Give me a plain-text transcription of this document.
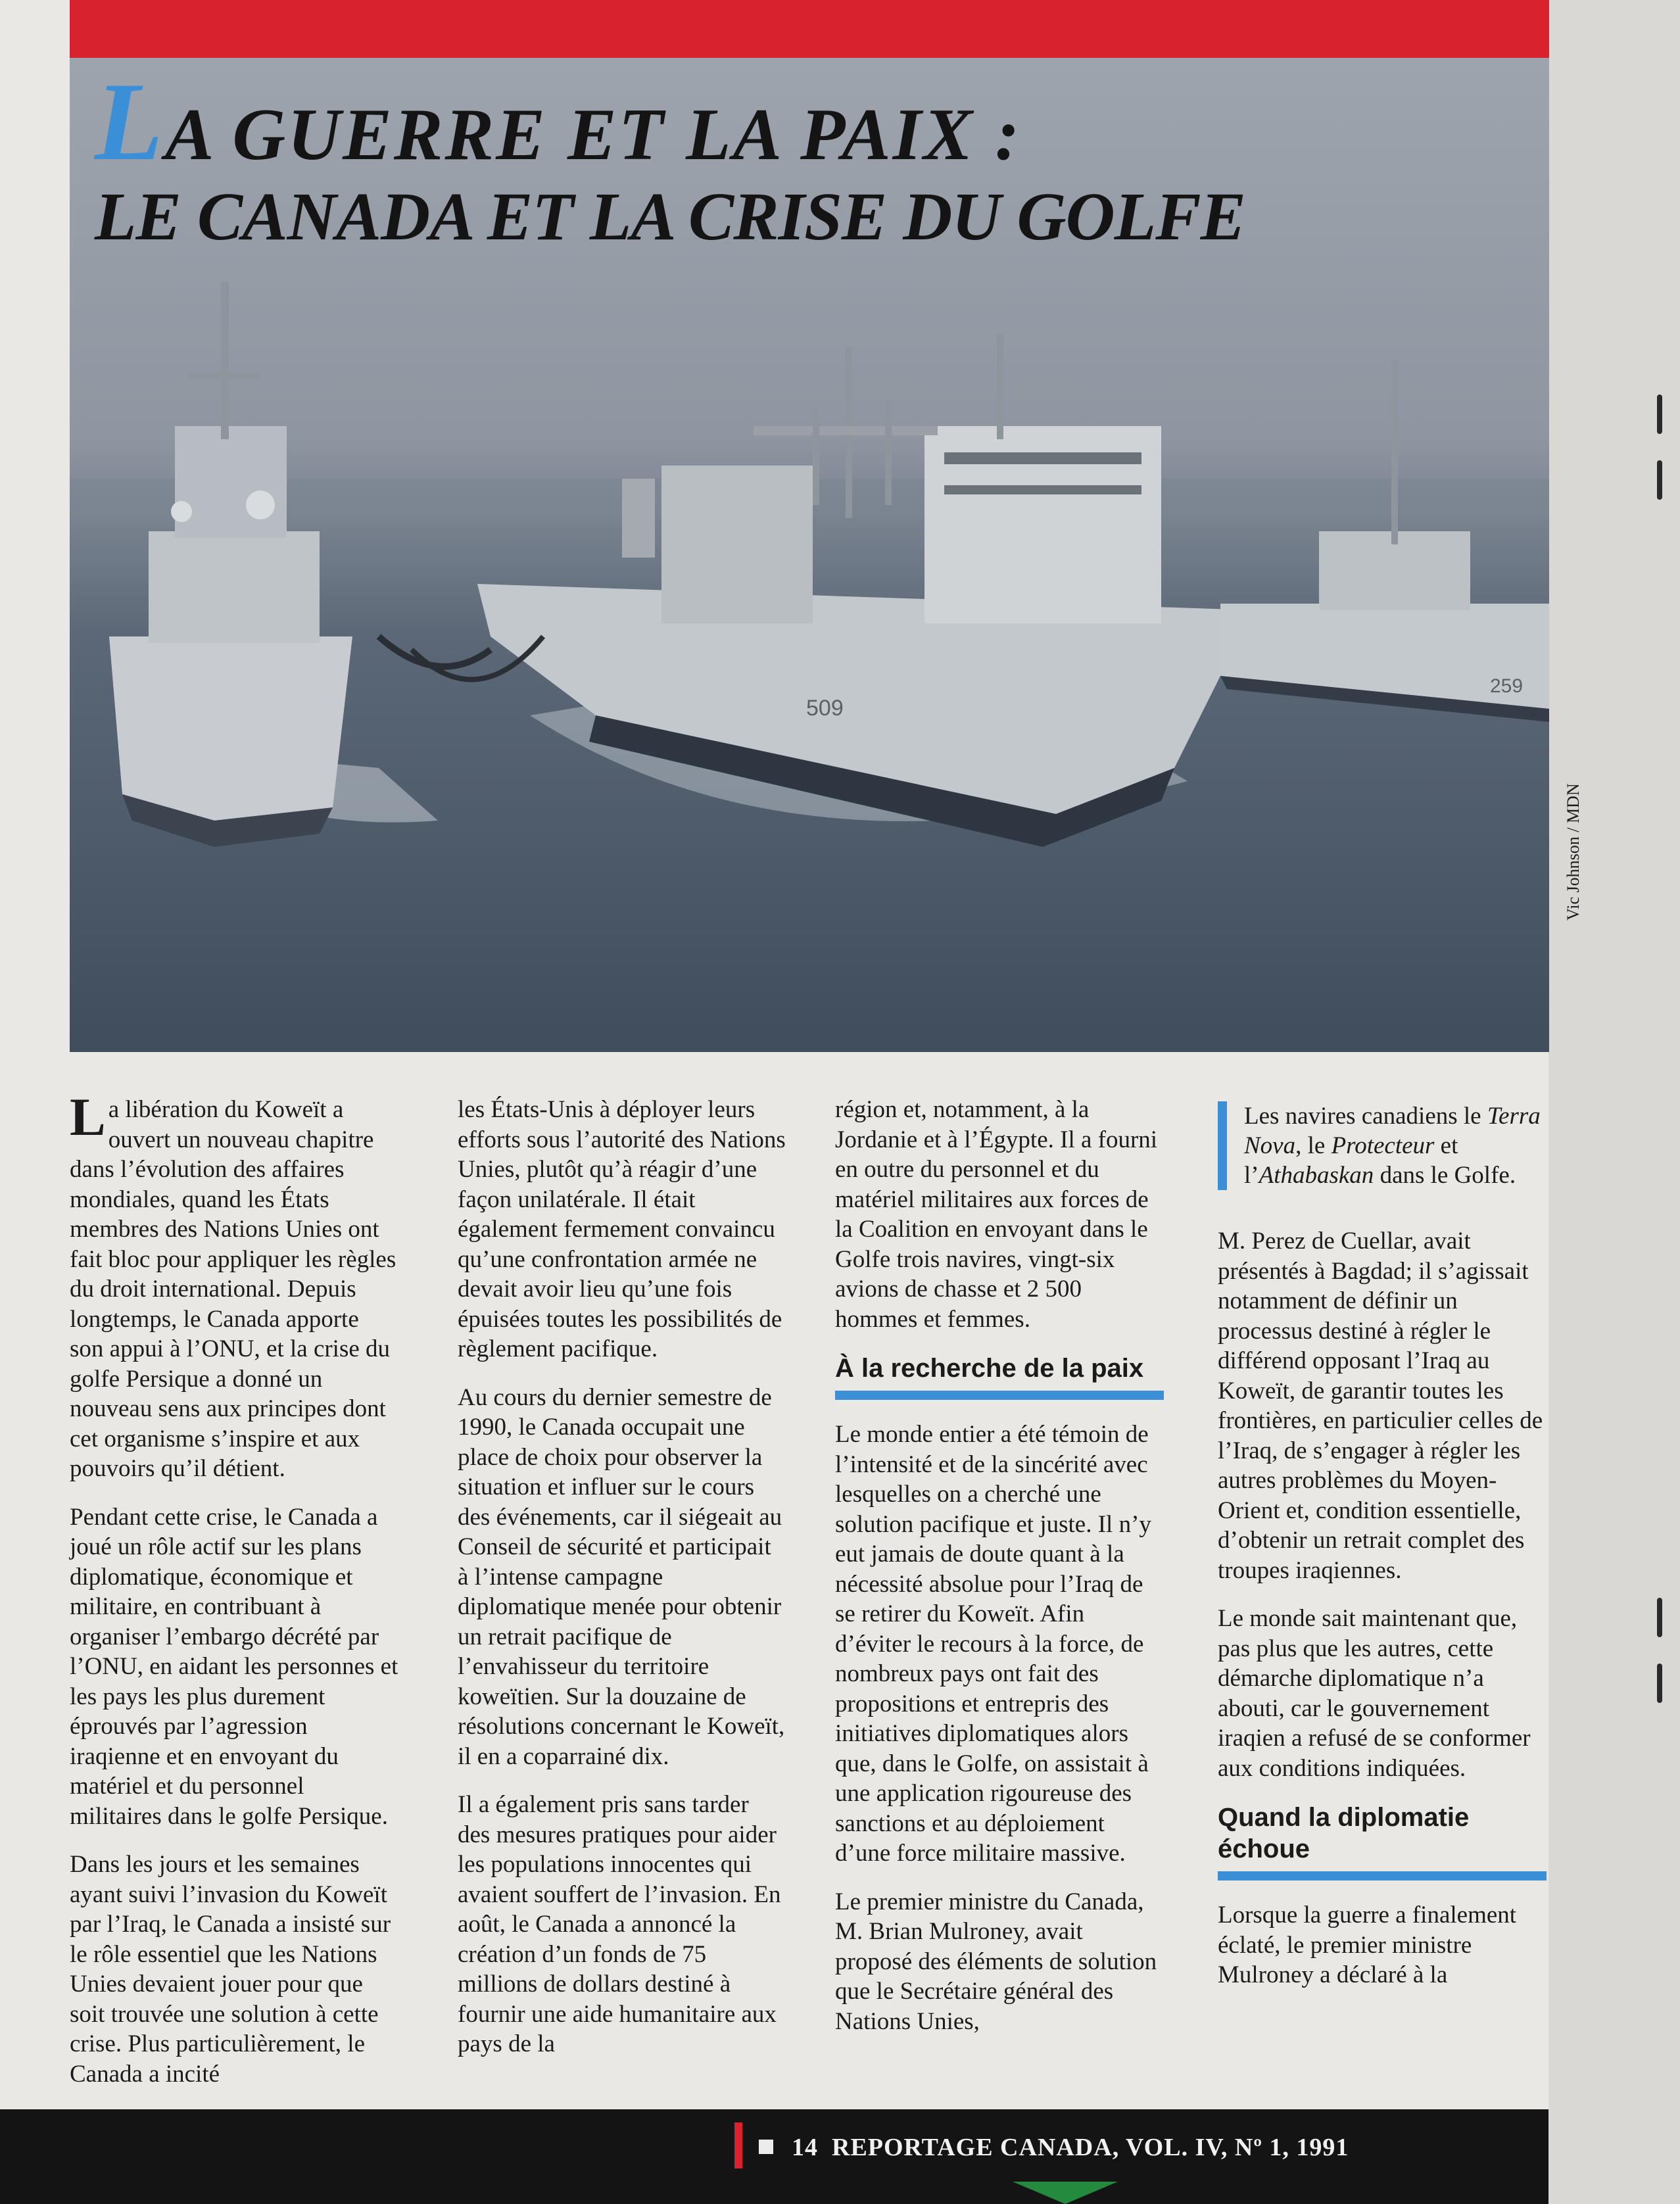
509
259
LA GUERRE ET LA PAIX :
LE CANADA ET LA CRISE DU GOLFE
Vic Johnson / MDN

La libération du Koweït a ouvert un nouveau chapitre dans l’évolution des affaires mondiales, quand les États membres des Nations Unies ont fait bloc pour appliquer les règles du droit international. Depuis longtemps, le Canada apporte son appui à l’ONU, et la crise du golfe Persique a donné un nouveau sens aux principes dont cet organisme s’inspire et aux pouvoirs qu’il détient.

Pendant cette crise, le Canada a joué un rôle actif sur les plans diplomatique, économique et militaire, en contribuant à organiser l’embargo décrété par l’ONU, en aidant les personnes et les pays les plus durement éprouvés par l’agression iraqienne et en envoyant du matériel et du personnel militaires dans le golfe Persique.

Dans les jours et les semaines ayant suivi l’invasion du Koweït par l’Iraq, le Canada a insisté sur le rôle essentiel que les Nations Unies devaient jouer pour que soit trouvée une solution à cette crise. Plus particulièrement, le Canada a incité

les États-Unis à déployer leurs efforts sous l’autorité des Nations Unies, plutôt qu’à réagir d’une façon unilatérale. Il était également fermement convaincu qu’une confrontation armée ne devait avoir lieu qu’une fois épuisées toutes les possibilités de règlement pacifique.

Au cours du dernier semestre de 1990, le Canada occupait une place de choix pour observer la situation et influer sur le cours des événements, car il siégeait au Conseil de sécurité et participait à l’intense campagne diplomatique menée pour obtenir un retrait pacifique de l’envahisseur du territoire koweïtien. Sur la douzaine de résolutions concernant le Koweït, il en a coparrainé dix.

Il a également pris sans tarder des mesures pratiques pour aider les populations innocentes qui avaient souffert de l’invasion. En août, le Canada a annoncé la création d’un fonds de 75 millions de dollars destiné à fournir une aide humanitaire aux pays de la

région et, notamment, à la Jordanie et à l’Égypte. Il a fourni en outre du personnel et du matériel militaires aux forces de la Coalition en envoyant dans le Golfe trois navires, vingt-six avions de chasse et 2 500 hommes et femmes.

À la recherche de la paix

Le monde entier a été témoin de l’intensité et de la sincérité avec lesquelles on a cherché une solution pacifique et juste. Il n’y eut jamais de doute quant à la nécessité absolue pour l’Iraq de se retirer du Koweït. Afin d’éviter le recours à la force, de nombreux pays ont fait des propositions et entrepris des initiatives diplomatiques alors que, dans le Golfe, on assistait à une application rigoureuse des sanctions et au déploiement d’une force militaire massive.

Le premier ministre du Canada, M. Brian Mulroney, avait proposé des éléments de solution que le Secrétaire général des Nations Unies,

Les navires canadiens le Terra Nova, le Protecteur et l’Athabaskan dans le Golfe.

M. Perez de Cuellar, avait présentés à Bagdad; il s’agissait notamment de définir un processus destiné à régler le différend opposant l’Iraq au Koweït, de garantir toutes les frontières, en particulier celles de l’Iraq, de s’engager à régler les autres problèmes du Moyen-Orient et, condition essentielle, d’obtenir un retrait complet des troupes iraqiennes.

Le monde sait maintenant que, pas plus que les autres, cette démarche diplomatique n’a abouti, car le gouvernement iraqien a refusé de se conformer aux conditions indiquées.

Quand la diplomatie échoue

Lorsque la guerre a finalement éclaté, le premier ministre Mulroney a déclaré à la

14 REPORTAGE CANADA, VOL. IV, Nº 1, 1991
